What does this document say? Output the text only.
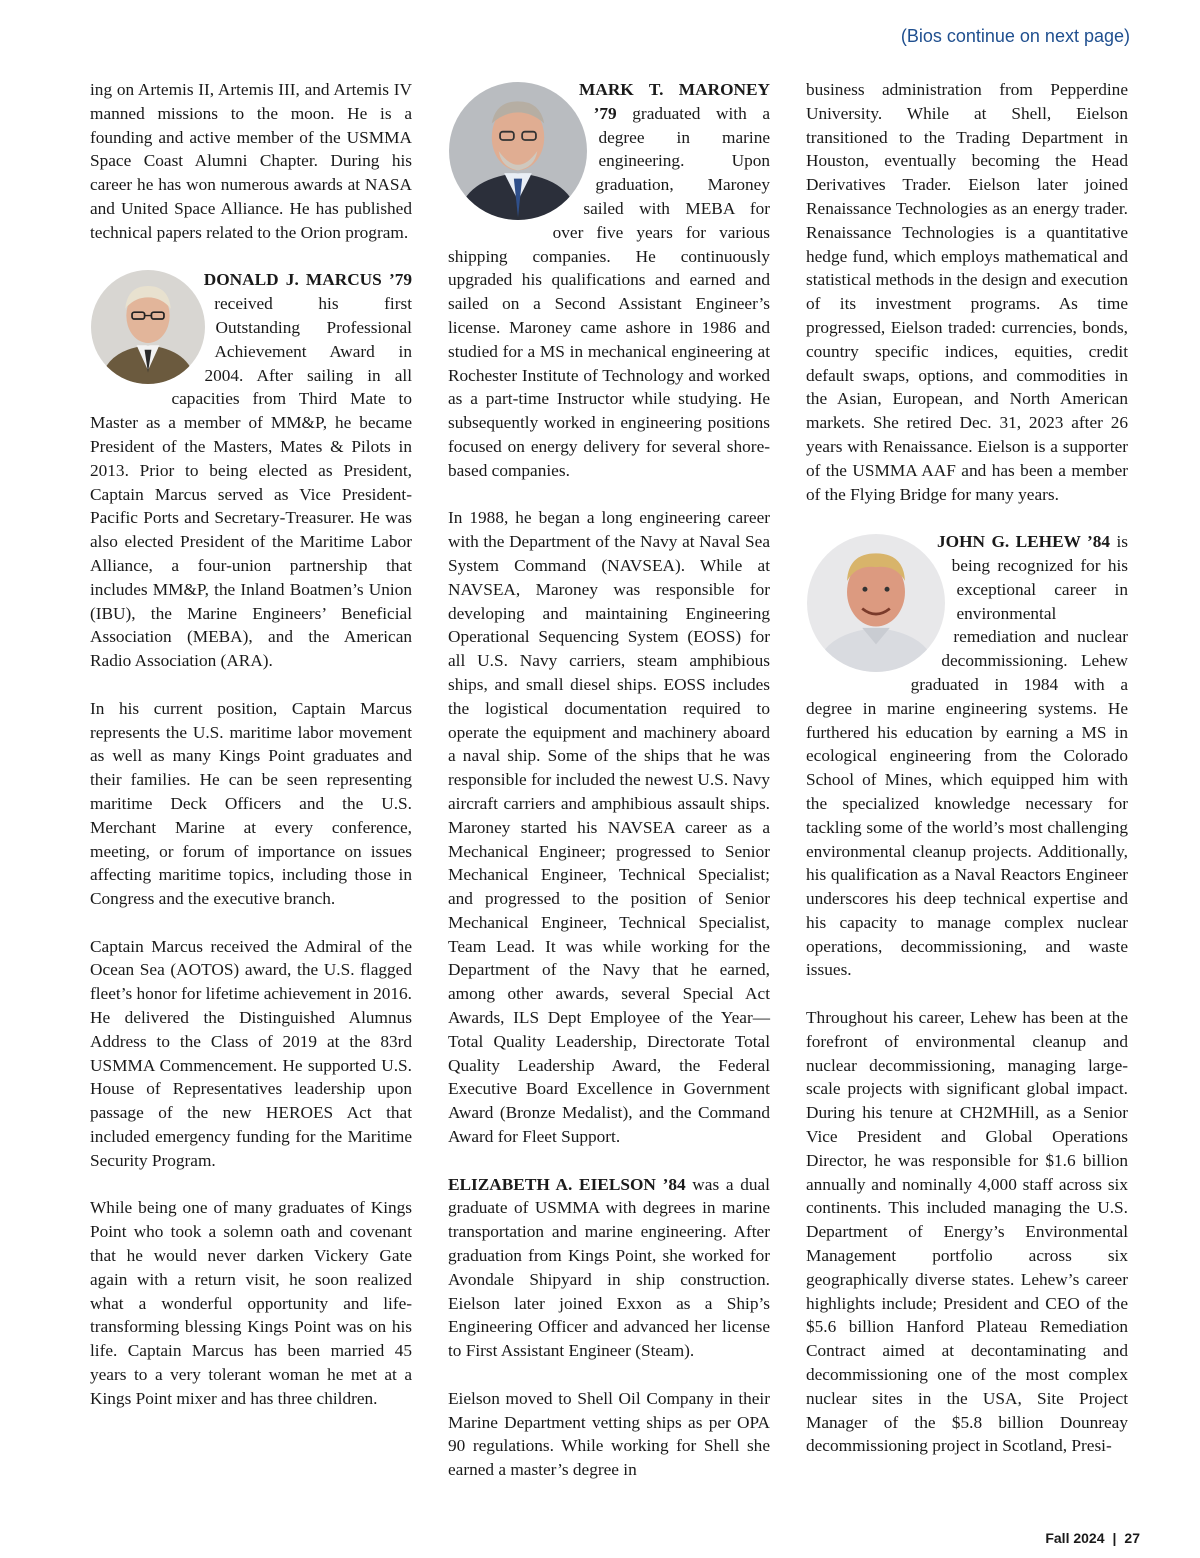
(Bios continue on next page)

ing on Artemis II, Artemis III, and Artemis IV manned missions to the moon. He is a founding and active member of the USMMA Space Coast Alumni Chapter. During his career he has won numerous awards at NASA and United Space Alliance. He has published technical papers related to the Orion program.

DONALD J. MARCUS ’79 received his first Outstanding Professional Achievement Award in 2004. After sailing in all capacities from Third Mate to Master as a member of MM&P, he became President of the Masters, Mates & Pilots in 2013. Prior to being elected as President, Captain Marcus served as Vice President-Pacific Ports and Secretary-Treasurer. He was also elected President of the Maritime Labor Alliance, a four-union partnership that includes MM&P, the Inland Boatmen’s Union (IBU), the Marine Engineers’ Beneficial Association (MEBA), and the American Radio Association (ARA).

In his current position, Captain Marcus represents the U.S. maritime labor movement as well as many Kings Point graduates and their families. He can be seen representing maritime Deck Officers and the U.S. Merchant Marine at every conference, meeting, or forum of importance on issues affecting maritime topics, including those in Congress and the executive branch.

Captain Marcus received the Admiral of the Ocean Sea (AOTOS) award, the U.S. flagged fleet’s honor for lifetime achievement in 2016. He delivered the Distinguished Alumnus Address to the Class of 2019 at the 83rd USMMA Commencement. He supported U.S. House of Representatives leadership upon passage of the new HEROES Act that included emergency funding for the Maritime Security Program.

While being one of many graduates of Kings Point who took a solemn oath and covenant that he would never darken Vickery Gate again with a return visit, he soon realized what a wonderful opportunity and life-transforming blessing Kings Point was on his life. Captain Marcus has been married 45 years to a very tolerant woman he met at a Kings Point mixer and has three children.

MARK T. MARONEY ’79 graduated with a degree in marine engineering. Upon graduation, Maroney sailed with MEBA for over five years for various shipping companies. He continuously upgraded his qualifications and earned and sailed on a Second Assistant Engineer’s license. Maroney came ashore in 1986 and studied for a MS in mechanical engineering at Rochester Institute of Technology and worked as a part-time Instructor while studying. He subsequently worked in engineering positions focused on energy delivery for several shore-based companies.

In 1988, he began a long engineering career with the Department of the Navy at Naval Sea System Command (NAVSEA). While at NAVSEA, Maroney was responsible for developing and maintaining Engineering Operational Sequencing System (EOSS) for all U.S. Navy carriers, steam amphibious ships, and small diesel ships. EOSS includes the logistical documentation required to operate the equipment and machinery aboard a naval ship. Some of the ships that he was responsible for included the newest U.S. Navy aircraft carriers and amphibious assault ships. Maroney started his NAVSEA career as a Mechanical Engineer; progressed to Senior Mechanical Engineer, Technical Specialist; and progressed to the position of Senior Mechanical Engineer, Technical Specialist, Team Lead. It was while working for the Department of the Navy that he earned, among other awards, several Special Act Awards, ILS Dept Employee of the Year—Total Quality Leadership, Directorate Total Quality Leadership Award, the Federal Executive Board Excellence in Government Award (Bronze Medalist), and the Command Award for Fleet Support.

ELIZABETH A. EIELSON ’84 was a dual graduate of USMMA with degrees in marine transportation and marine engineering. After graduation from Kings Point, she worked for Avondale Shipyard in ship construction. Eielson later joined Exxon as a Ship’s Engineering Officer and advanced her license to First Assistant Engineer (Steam).

Eielson moved to Shell Oil Company in their Marine Department vetting ships as per OPA 90 regulations. While working for Shell she earned a master’s degree in

business administration from Pepperdine University. While at Shell, Eielson transitioned to the Trading Department in Houston, eventually becoming the Head Derivatives Trader. Eielson later joined Renaissance Technologies as an energy trader. Renaissance Technologies is a quantitative hedge fund, which employs mathematical and statistical methods in the design and execution of its investment programs. As time progressed, Eielson traded: currencies, bonds, country specific indices, equities, credit default swaps, options, and commodities in the Asian, European, and North American markets. She retired Dec. 31, 2023 after 26 years with Renaissance. Eielson is a supporter of the USMMA AAF and has been a member of the Flying Bridge for many years.

JOHN G. LEHEW ’84 is being recognized for his exceptional career in environmental remediation and nuclear decommissioning. Lehew graduated in 1984 with a degree in marine engineering systems. He furthered his education by earning a MS in ecological engineering from the Colorado School of Mines, which equipped him with the specialized knowledge necessary for tackling some of the world’s most challenging environmental cleanup projects. Additionally, his qualification as a Naval Reactors Engineer underscores his deep technical expertise and his capacity to manage complex nuclear operations, decommissioning, and waste issues.

Throughout his career, Lehew has been at the forefront of environmental cleanup and nuclear decommissioning, managing large-scale projects with significant global impact. During his tenure at CH2MHill, as a Senior Vice President and Global Operations Director, he was responsible for $1.6 billion annually and nominally 4,000 staff across six continents. This included managing the U.S. Department of Energy’s Environmental Management portfolio across six geographically diverse states. Lehew’s career highlights include; President and CEO of the $5.6 billion Hanford Plateau Remediation Contract aimed at decontaminating and decommissioning one of the most complex nuclear sites in the USA, Site Project Manager of the $5.8 billion Dounreay decommissioning project in Scotland, Presi-

Fall 2024 | 27
